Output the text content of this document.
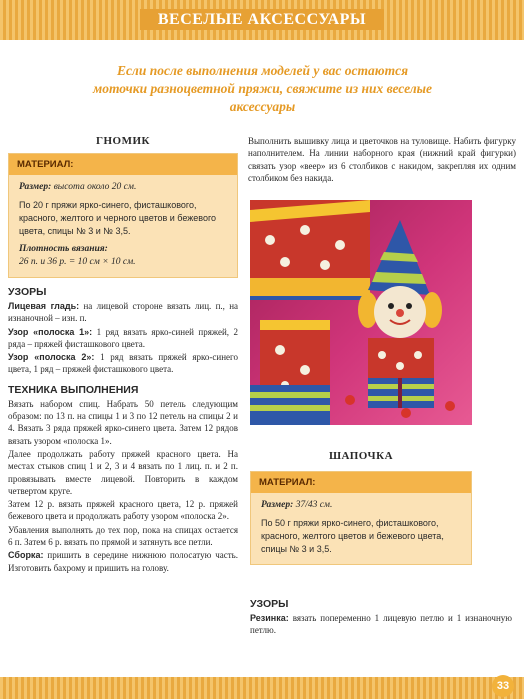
ВЕСЕЛЫЕ АКСЕССУАРЫ
Если после выполнения моделей у вас остаются моточки разноцветной пряжи, свяжите из них веселые аксессуары
ГНОМИК
МАТЕРИАЛ:

Размер: высота около 20 см.

По 20 г пряжи ярко-синего, фисташкового, красного, желтого и черного цветов и бежевого цвета, спицы № 3 и № 3,5.

Плотность вязания:
26 п. и 36 р. = 10 см × 10 см.

УЗОРЫ

Лицевая гладь: на лицевой стороне вязать лиц. п., на изнаночной – изн. п.

Узор «полоска 1»: 1 ряд вязать ярко-синей пряжей, 2 ряда – пряжей фисташкового цвета.

Узор «полоска 2»: 1 ряд вязать пряжей ярко-синего цвета, 1 ряд – пряжей фисташкового цвета.

ТЕХНИКА ВЫПОЛНЕНИЯ

Вязать набором спиц. Набрать 50 петель следующим образом: по 13 п. на спицы 1 и 3 по 12 петель на спицы 2 и 4. Вязать 3 ряда пряжей ярко-синего цвета. Затем 12 рядов вязать узором «полоска 1».

Далее продолжать работу пряжей красного цвета. На местах стыков спиц 1 и 2, 3 и 4 вязать по 1 лиц. п. и 2 п. провязывать вместе лицевой. Повторить в каждом четвертом круге.

Затем 12 р. вязать пряжей красного цвета, 12 р. пряжей бежевого цвета и продолжать работу узором «полоска 2».

Убавления выполнять до тех пор, пока на спицах остается 6 п. Затем 6 р. вязать по прямой и затянуть все петли.

Сборка: пришить в середине нижнюю полосатую часть. Изготовить бахрому и пришить на голову.

Выполнить вышивку лица и цветочков на туловище. Набить фигурку наполнителем. На линии наборного края (нижний край фигурки) связать узор «веер» из 6 столбиков с накидом, закрепляя их одним столбиком без накида.
ШАПОЧКА
МАТЕРИАЛ:

Размер: 37/43 см.

По 50 г пряжи ярко-синего, фисташкового, красного, желтого цветов и бежевого цвета, спицы № 3 и 3,5.

УЗОРЫ
Резинка: вязать попеременно 1 лицевую петлю и 1 изнаночную петлю.
33
